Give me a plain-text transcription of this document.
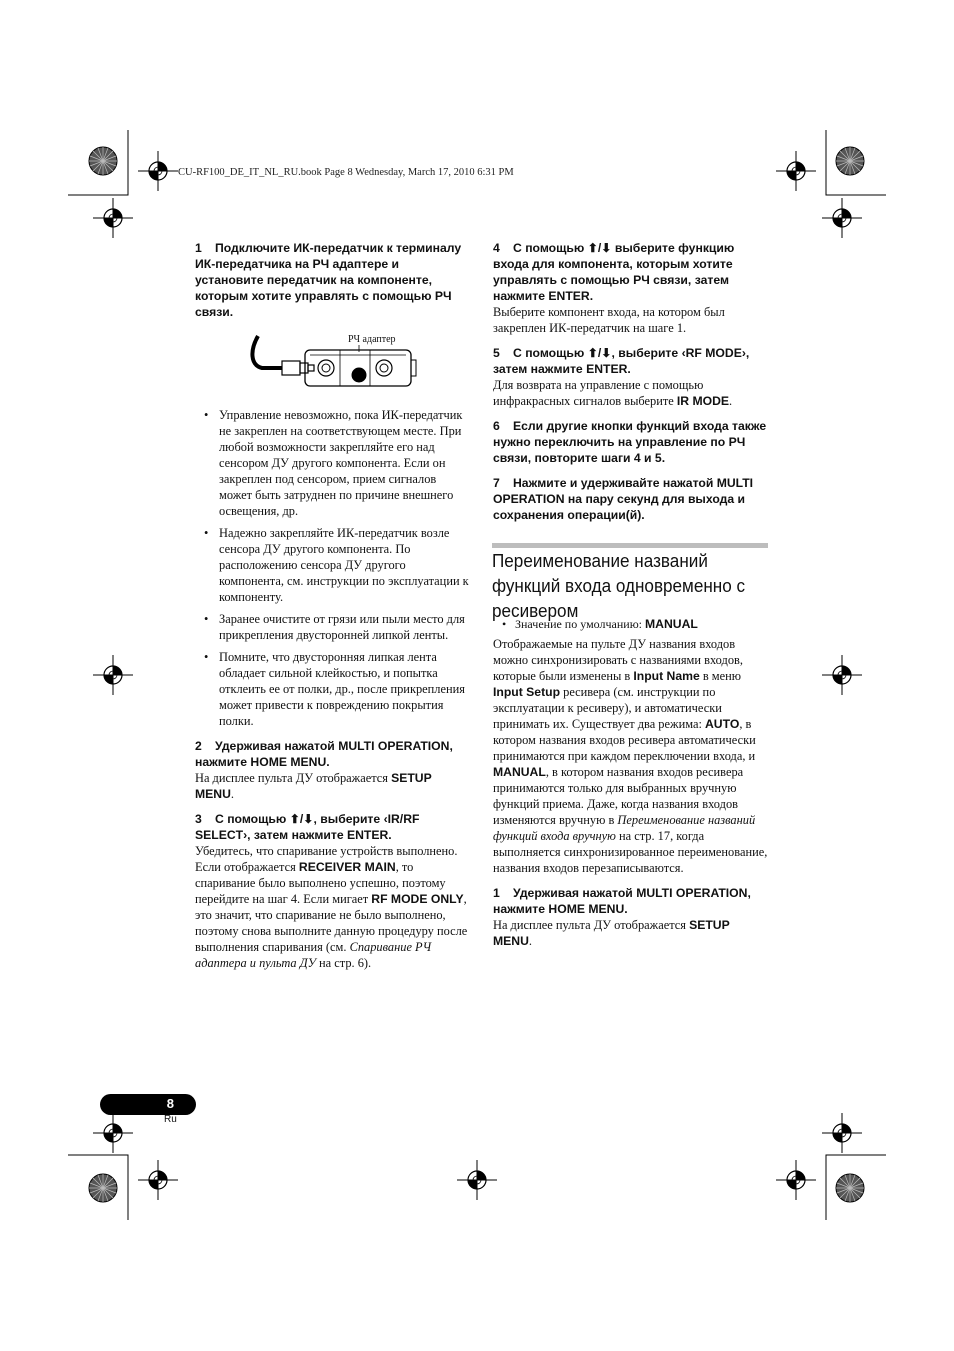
CU-RF100_DE_IT_NL_RU.book Page 8 Wednesday, March 17, 2010 6:31 PM
РЧ адаптер

1 Подключите ИК-передатчик к терминалу ИК-передатчика на РЧ адаптере и установите передатчик на компоненте, которым хотите управлять с помощью РЧ связи.

• Управление невозможно, пока ИК-передатчик не закреплен на соответствующем месте. При любой возможности закрепляйте его над сенсором ДУ другого компонента. Если он закреплен под сенсором, прием сигналов может быть затруднен по причине внешнего освещения, др.
• Надежно закрепляйте ИК-передатчик возле сенсора ДУ другого компонента. По расположению сенсора ДУ другого компонента, см. инструкции по эксплуатации к компоненту.
• Заранее очистите от грязи или пыли место для прикрепления двусторонней липкой ленты.
• Помните, что двусторонняя липкая лента обладает сильной клейкостью, и попытка отклеить ее от полки, др., после прикрепления может привести к повреждению покрытия полки.

2 Удерживая нажатой MULTI OPERATION, нажмите HOME MENU.

На дисплее пульта ДУ отображается SETUP MENU.

3 С помощью ⬆/⬇, выберите ‹IR/RF SELECT›, затем нажмите ENTER.

Убедитесь, что спаривание устройств выполнено. Если отображается RECEIVER MAIN, то спаривание было выполнено успешно, поэтому перейдите на шаг 4. Если мигает RF MODE ONLY, это значит, что спаривание не было выполнено, поэтому снова выполните данную процедуру после выполнения спаривания (см. Спаривание РЧ адаптера и пульта ДУ на стр. 6).

4 С помощью ⬆/⬇ выберите функцию входа для компонента, которым хотите управлять с помощью РЧ связи, затем нажмите ENTER.

Выберите компонент входа, на котором был закреплен ИК-передатчик на шаге 1.

5 С помощью ⬆/⬇, выберите ‹RF MODE›, затем нажмите ENTER.

Для возврата на управление с помощью инфракрасных сигналов выберите IR MODE.

6 Если другие кнопки функций входа также нужно переключить на управление по РЧ связи, повторите шаги 4 и 5.

7 Нажмите и удерживайте нажатой MULTI OPERATION на пару секунд для выхода и сохранения операции(й).

Переименование названий функций входа одновременно с ресивером
• Значение по умолчанию: MANUAL

Отображаемые на пульте ДУ названия входов можно синхронизировать с названиями входов, которые были изменены в Input Name в меню Input Setup ресивера (см. инструкции по эксплуатации к ресиверу), и автоматически принимать их. Существует два режима: AUTO, в котором названия входов ресивера автоматически принимаются при каждом переключении входа, и MANUAL, в котором названия входов ресивера принимаются только для выбранных вручную функций приема. Даже, когда названия входов изменяются вручную в Переименование названий функций входа вручную на стр. 17, когда выполняется синхронизированное переименование, названия входов перезаписываются.

1 Удерживая нажатой MULTI OPERATION, нажмите HOME MENU.

На дисплее пульта ДУ отображается SETUP MENU.

8
Ru
